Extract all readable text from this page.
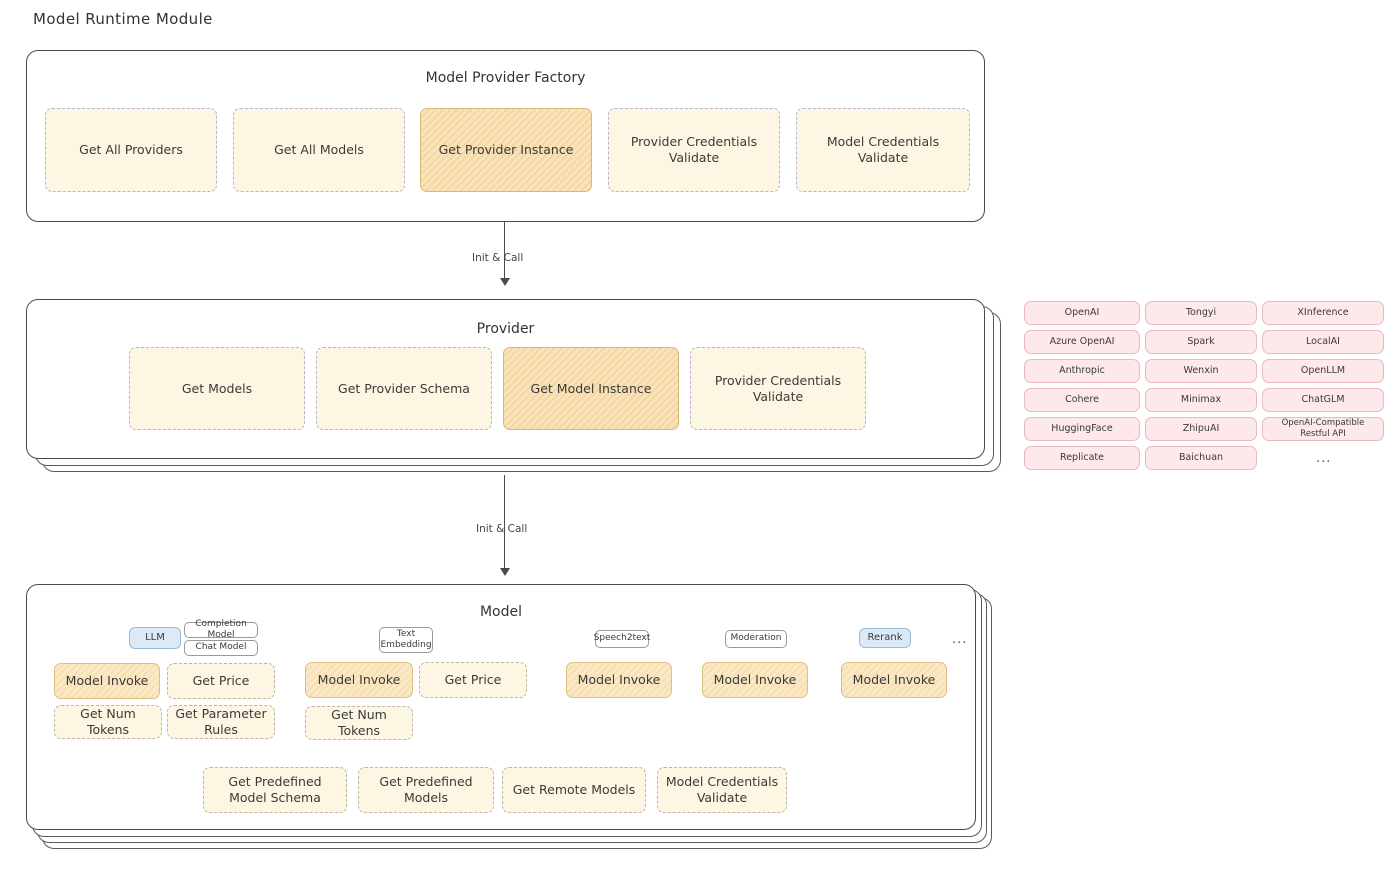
Model Runtime Module
Model Provider Factory
Get All Providers	Get All Models	Get Provider Instance
Provider Credentials Validate
Model Credentials Validate
Init & Call
Provider
Get Models	Get Provider Schema	Get Model Instance
Provider Credentials Validate
OpenAI
Azure OpenAI
Anthropic
Cohere
HuggingFace
Replicate
Tongyi
Spark
Wenxin
Minimax
ZhipuAI
Baichuan
XInference
LocalAI
OpenLLM
ChatGLM
OpenAI-Compatible Restful API
...
Init & Call
Model
LLM
Completion Model
Chat Model
Text Embedding
Speech2text	Moderation	Rerank	...
Model Invoke	Get Price
Get Num Tokens
Get Parameter Rules
Model Invoke	Get Price
Get Num Tokens
Model Invoke	Model Invoke	Model Invoke
Get Predefined Model Schema
Get Predefined Models
Get Remote Models
Model Credentials Validate
